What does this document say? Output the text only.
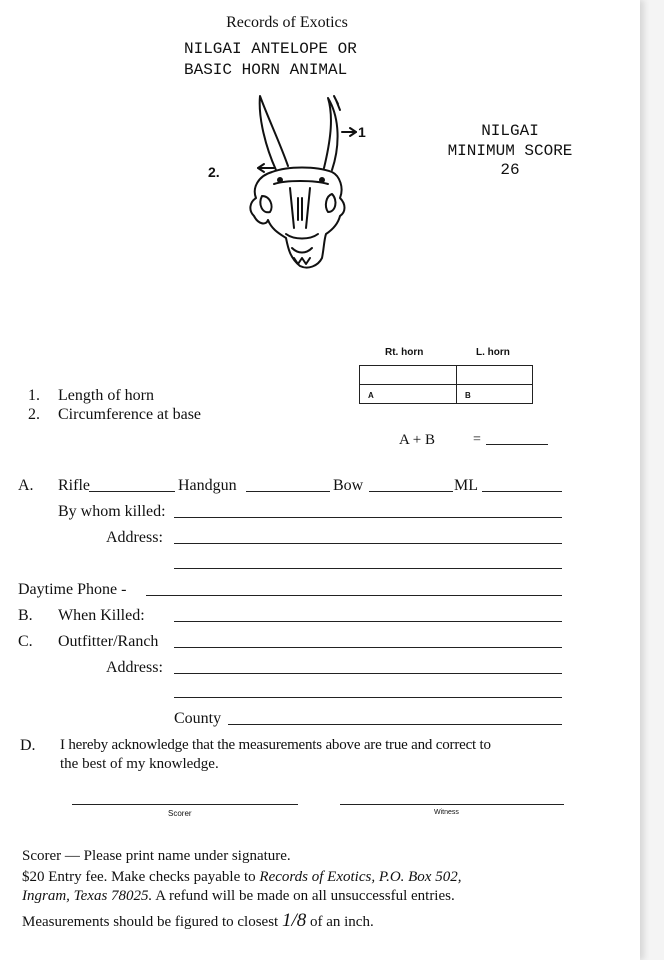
Records of Exotics
NILGAI ANTELOPE OR
BASIC HORN ANIMAL
1
2.
NILGAI
MINIMUM SCORE
26
Rt. horn	L. horn

A	B
A + B	=
1. Length of horn
2. Circumference at base
A. Rifle	Handgun	Bow	ML
By whom killed:
Address:
Daytime Phone -
B. When Killed:
C. Outfitter/Ranch
Address:
County
D. I hereby acknowledge that the measurements above are true and correct to
the best of my knowledge.
Scorer	Witness
Scorer — Please print name under signature.
$20 Entry fee. Make checks payable to Records of Exotics, P.O. Box 502,
Ingram, Texas 78025. A refund will be made on all unsuccessful entries.
Measurements should be figured to closest 1/8 of an inch.
